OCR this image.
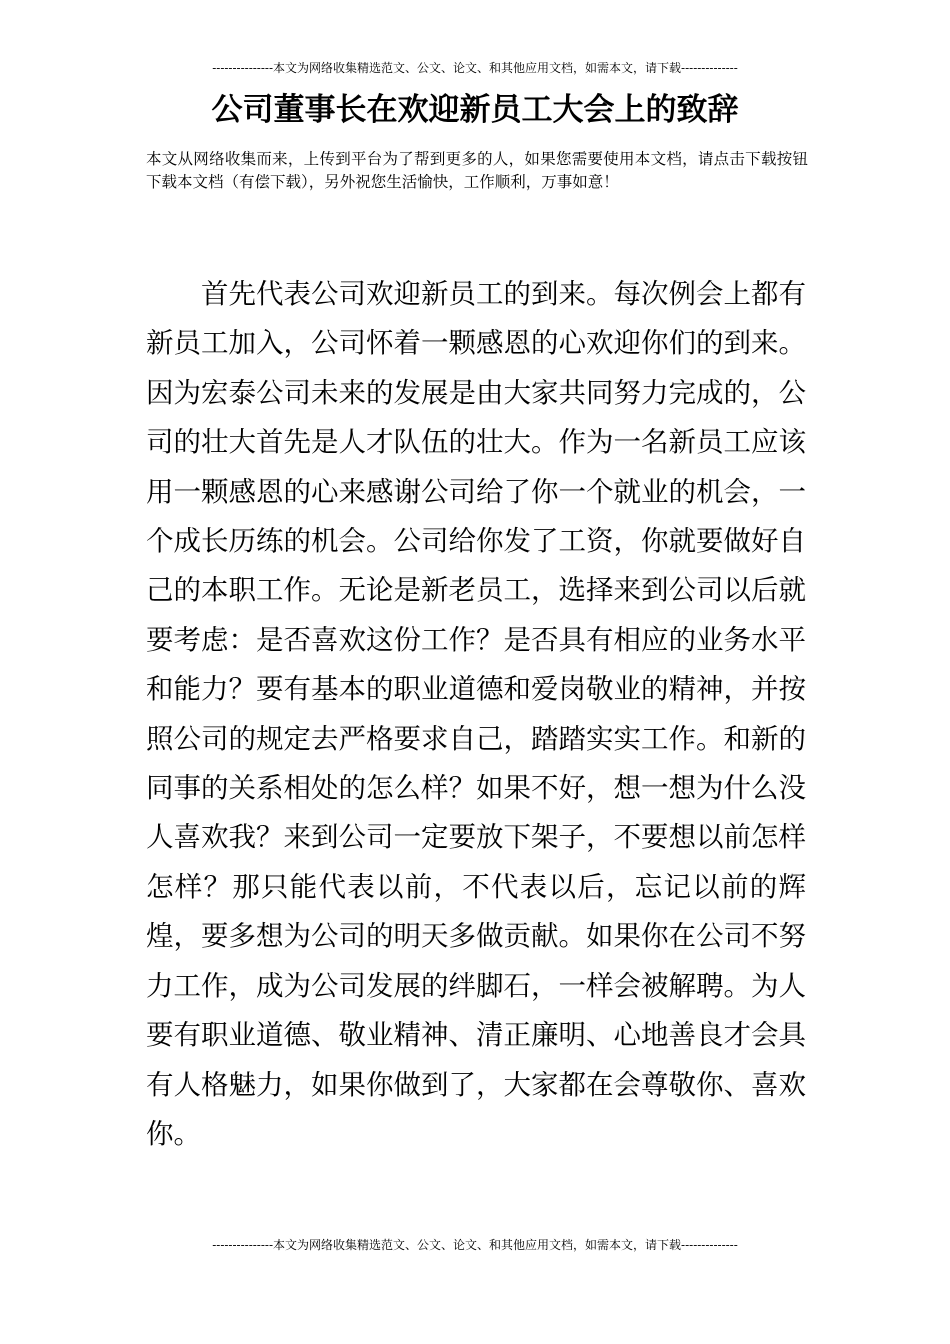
---------------本文为网络收集精选范文、公文、论文、和其他应用文档，如需本文，请下载--------------
公司董事长在欢迎新员工大会上的致辞

本文从网络收集而来，上传到平台为了帮到更多的人，如果您需要使用本文档，请点击下载按钮下载本文档（有偿下载），另外祝您生活愉快，工作顺利，万事如意！

首先代表公司欢迎新员工的到来。每次例会上都有新员工加入，公司怀着一颗感恩的心欢迎你们的到来。因为宏泰公司未来的发展是由大家共同努力完成的，公司的壮大首先是人才队伍的壮大。作为一名新员工应该用一颗感恩的心来感谢公司给了你一个就业的机会，一个成长历练的机会。公司给你发了工资，你就要做好自己的本职工作。无论是新老员工，选择来到公司以后就要考虑：是否喜欢这份工作？是否具有相应的业务水平和能力？要有基本的职业道德和爱岗敬业的精神，并按照公司的规定去严格要求自己，踏踏实实工作。和新的同事的关系相处的怎么样？如果不好，想一想为什么没人喜欢我？来到公司一定要放下架子，不要想以前怎样怎样？那只能代表以前，不代表以后，忘记以前的辉煌，要多想为公司的明天多做贡献。如果你在公司不努力工作，成为公司发展的绊脚石，一样会被解聘。为人要有职业道德、敬业精神、清正廉明、心地善良才会具有人格魅力，如果你做到了，大家都在会尊敬你、喜欢你。

---------------本文为网络收集精选范文、公文、论文、和其他应用文档，如需本文，请下载--------------
